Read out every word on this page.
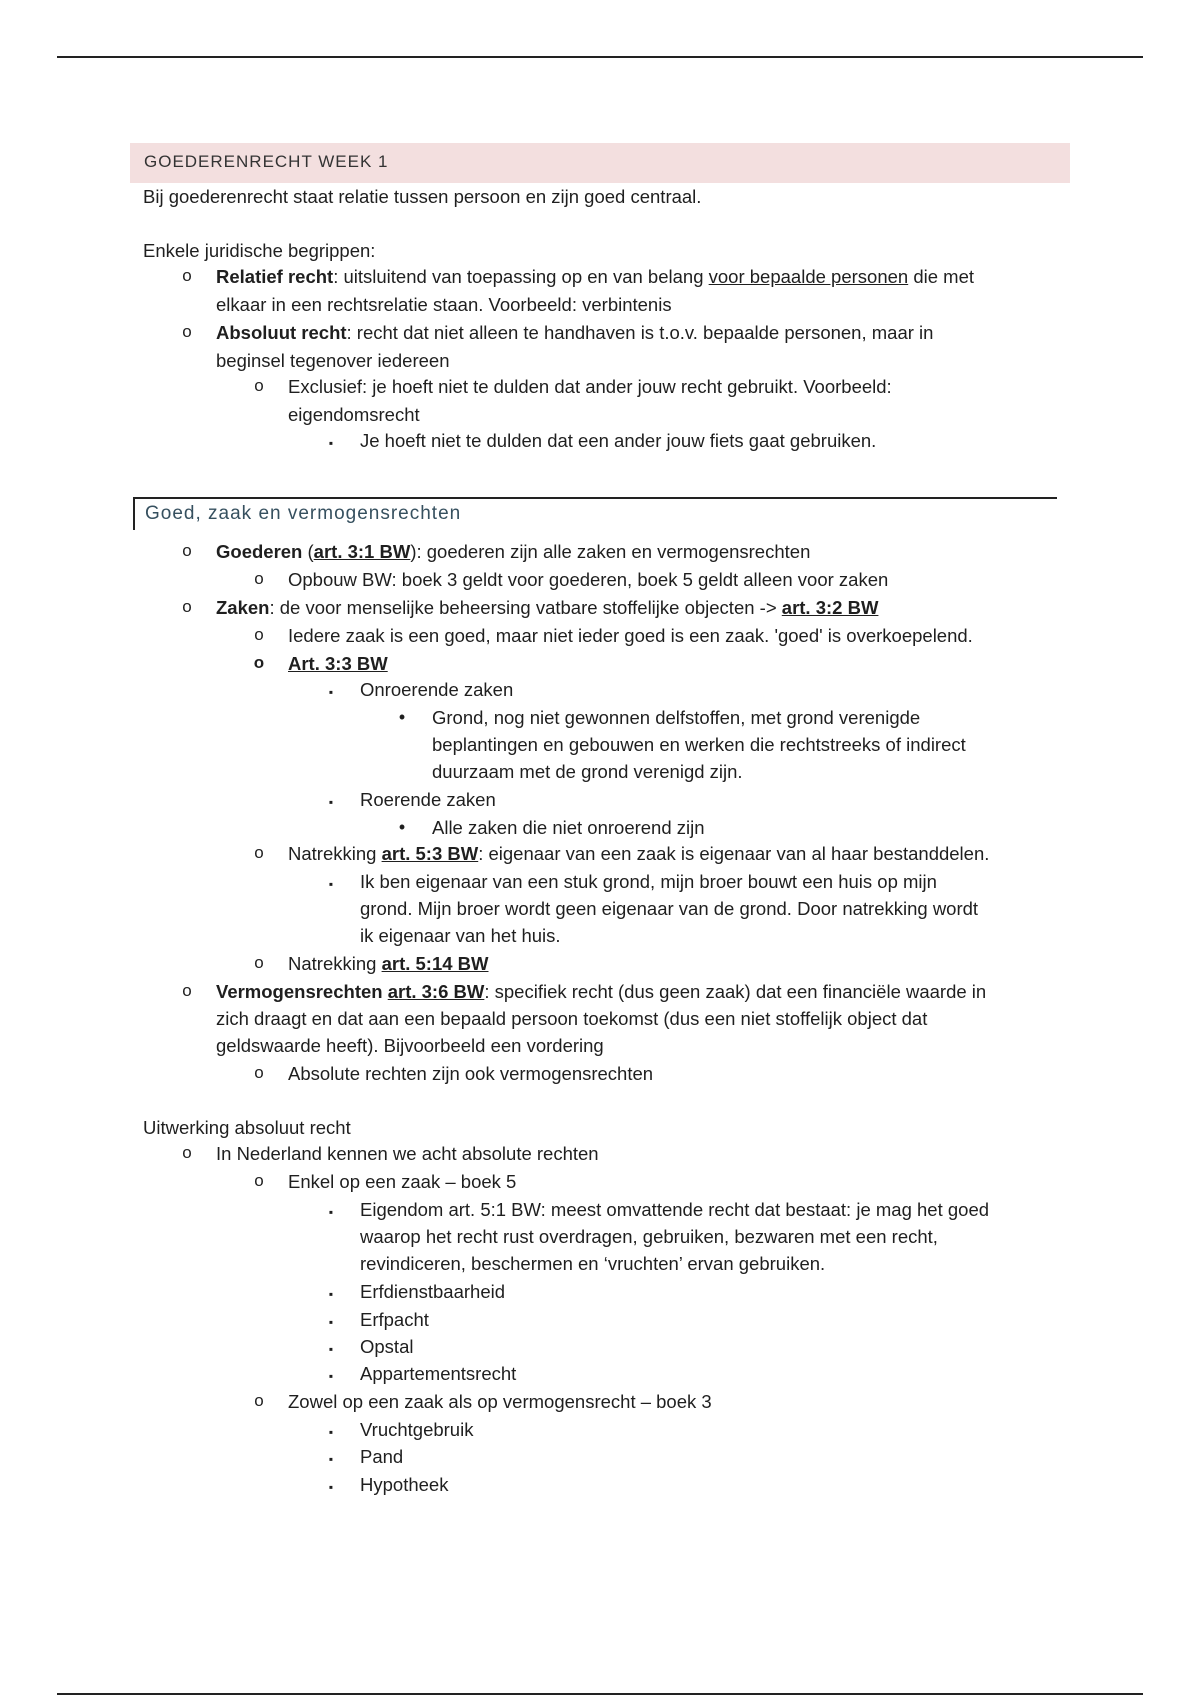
GOEDERENRECHT WEEK 1
Bij goederenrecht staat relatie tussen persoon en zijn goed centraal.
Enkele juridische begrippen:
o Relatief recht: uitsluitend van toepassing op en van belang voor bepaalde personen die met
elkaar in een rechtsrelatie staan. Voorbeeld: verbintenis
o Absoluut recht: recht dat niet alleen te handhaven is t.o.v. bepaalde personen, maar in
beginsel tegenover iedereen
o Exclusief: je hoeft niet te dulden dat ander jouw recht gebruikt. Voorbeeld:
eigendomsrecht
▪	Je hoeft niet te dulden dat een ander jouw fiets gaat gebruiken.
Goed, zaak en vermogensrechten
o Goederen (art. 3:1 BW): goederen zijn alle zaken en vermogensrechten
o Opbouw BW: boek 3 geldt voor goederen, boek 5 geldt alleen voor zaken
o Zaken: de voor menselijke beheersing vatbare stoffelijke objecten -> art. 3:2 BW
o Iedere zaak is een goed, maar niet ieder goed is een zaak. 'goed' is overkoepelend.
o Art. 3:3 BW
▪	Onroerende zaken
•	Grond, nog niet gewonnen delfstoffen, met grond verenigde
beplantingen en gebouwen en werken die rechtstreeks of indirect
duurzaam met de grond verenigd zijn.
▪	Roerende zaken
•	Alle zaken die niet onroerend zijn
o Natrekking art. 5:3 BW: eigenaar van een zaak is eigenaar van al haar bestanddelen.
▪	Ik ben eigenaar van een stuk grond, mijn broer bouwt een huis op mijn
grond. Mijn broer wordt geen eigenaar van de grond. Door natrekking wordt
ik eigenaar van het huis.
o Natrekking art. 5:14 BW
o Vermogensrechten art. 3:6 BW: specifiek recht (dus geen zaak) dat een financiële waarde in
zich draagt en dat aan een bepaald persoon toekomst (dus een niet stoffelijk object dat
geldswaarde heeft). Bijvoorbeeld een vordering
o Absolute rechten zijn ook vermogensrechten
Uitwerking absoluut recht
o In Nederland kennen we acht absolute rechten
o Enkel op een zaak – boek 5
▪	Eigendom art. 5:1 BW: meest omvattende recht dat bestaat: je mag het goed
waarop het recht rust overdragen, gebruiken, bezwaren met een recht,
revindiceren, beschermen en ‘vruchten’ ervan gebruiken.
▪	Erfdienstbaarheid
▪	Erfpacht
▪	Opstal
▪	Appartementsrecht
o Zowel op een zaak als op vermogensrecht – boek 3
▪	Vruchtgebruik
▪	Pand
▪	Hypotheek
